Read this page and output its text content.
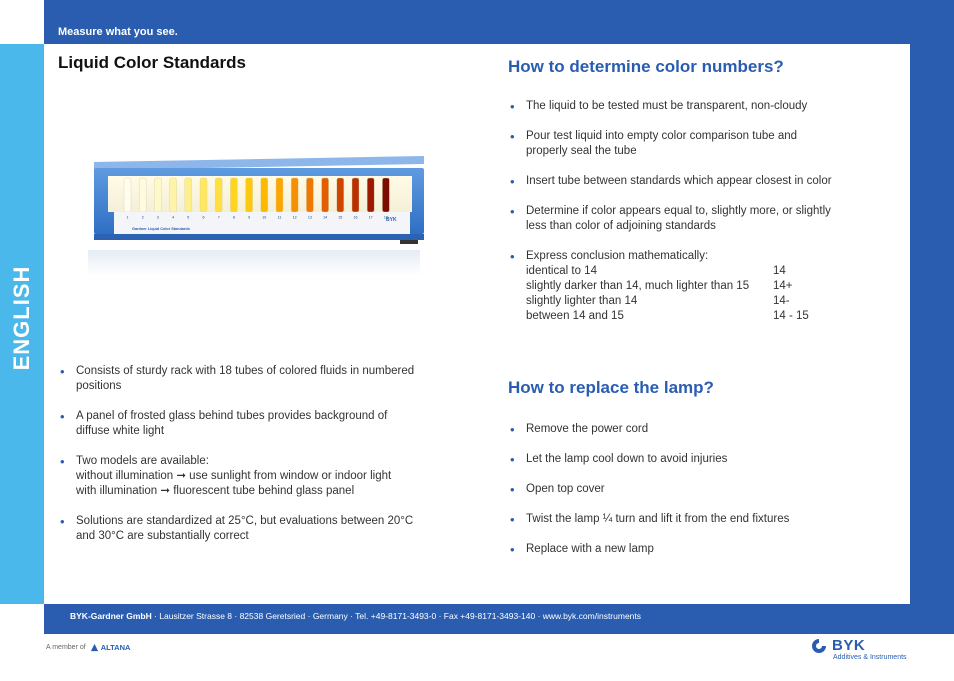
Measure what you see.
ENGLISH
Liquid Color Standards
1	2	3	4	5	6	7	8	9	10	11	12	13	14	15	16	17	18
Gardner Liquid Color Standards
BYK
• Consists of sturdy rack with 18 tubes of colored fluids in numbered
positions
• A panel of frosted glass behind tubes provides background of
diffuse white light
• Two models are available:
without illumination ➞ use sunlight from window or indoor light
with illumination ➞ fluorescent tube behind glass panel
• Solutions are standardized at 25°C, but evaluations between 20°C
and 30°C are substantially correct
How to determine color numbers?
• The liquid to be tested must be transparent, non-cloudy
• Pour test liquid into empty color comparison tube and
properly seal the tube
• Insert tube between standards which appear closest in color
• Determine if color appears equal to, slightly more, or slightly
less than color of adjoining standards
• Express conclusion mathematically:
identical to 14	14
slightly darker than 14, much lighter than 15	14+
slightly lighter than 14	14-
between 14 and 15	14 - 15
How to replace the lamp?
• Remove the power cord
• Let the lamp cool down to avoid injuries
• Open top cover
• Twist the lamp ¼ turn and lift it from the end fixtures
• Replace with a new lamp
BYK-Gardner GmbH · Lausitzer Strasse 8 · 82538 Geretsried · Germany · Tel. +49-8171-3493-0 · Fax +49-8171-3493-140 · www.byk.com/instruments
A member of ALTANA	BYK
Additives & Instruments
